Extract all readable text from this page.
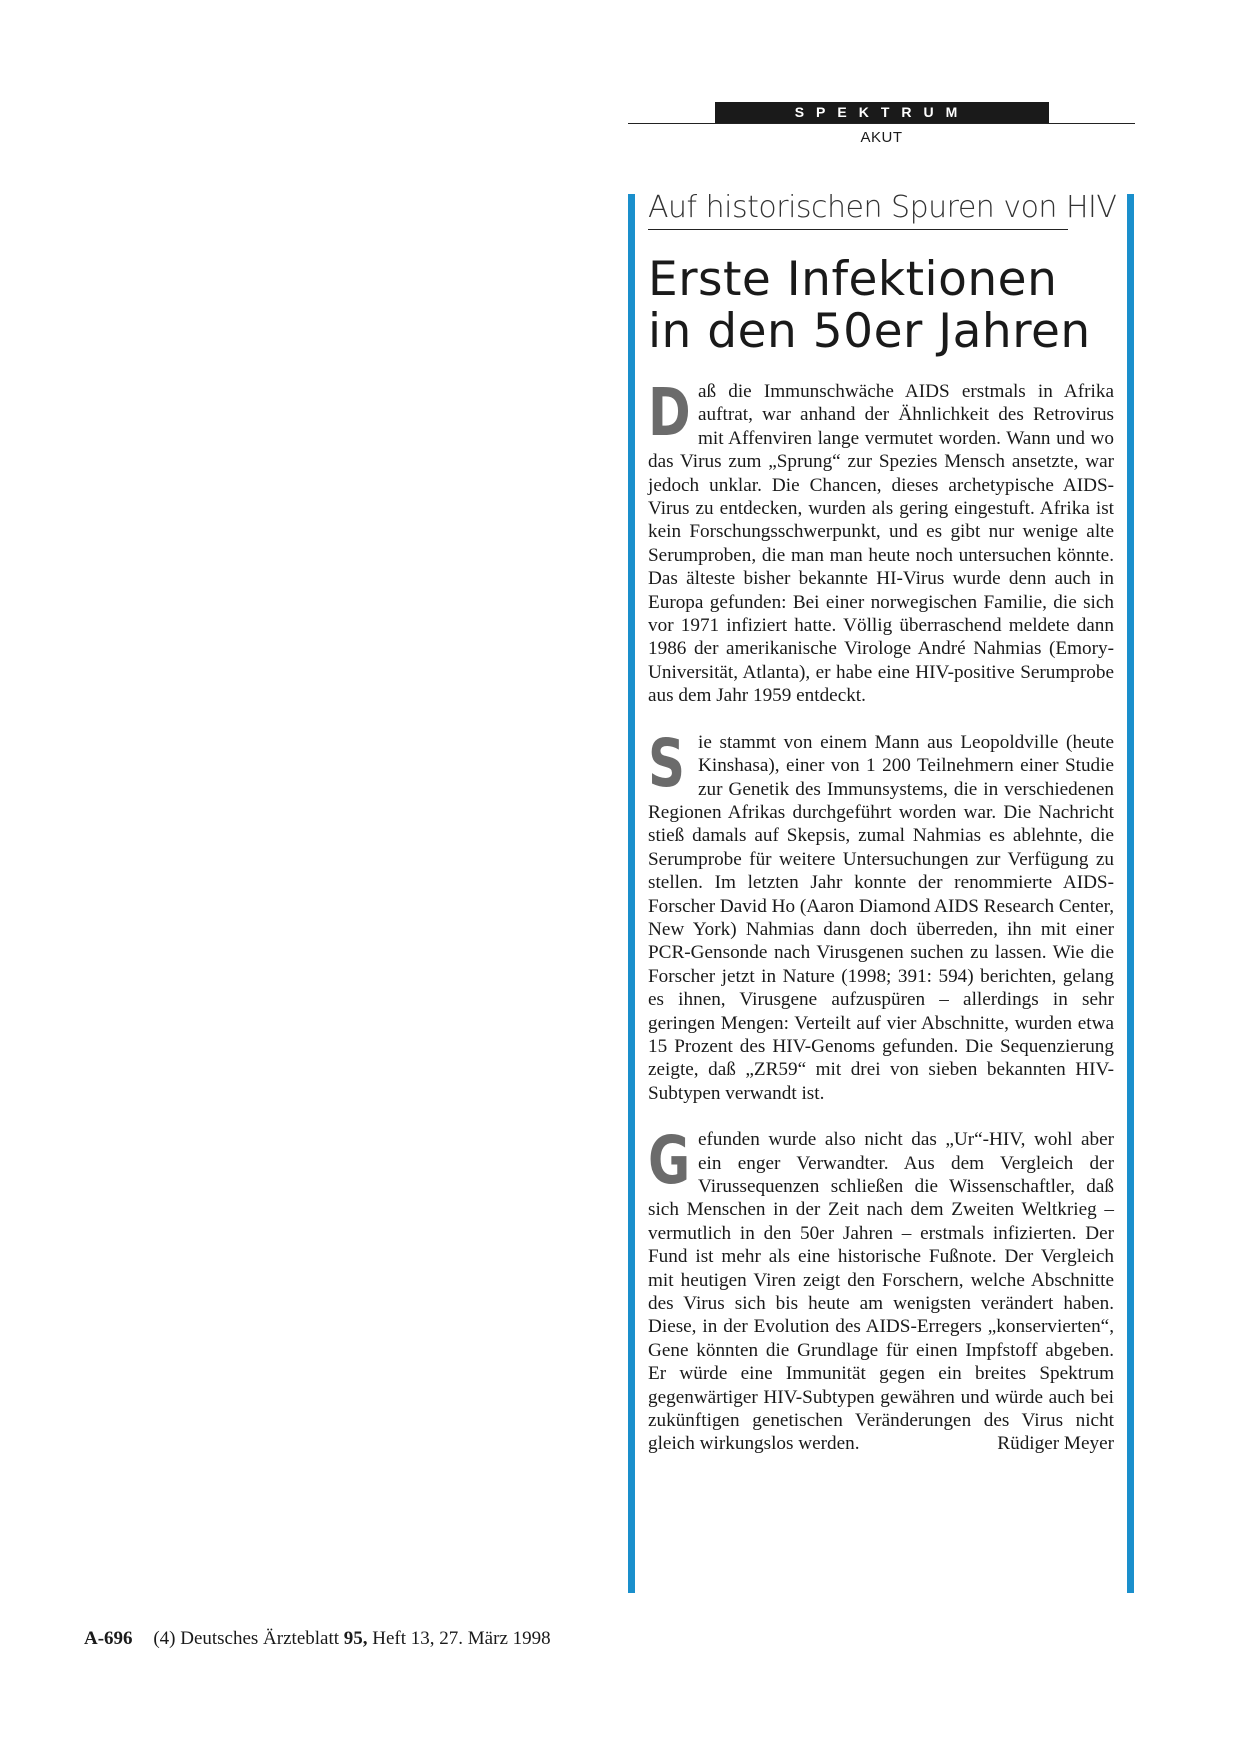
SPEKTRUM
AKUT
Auf historischen Spuren von HIV
Erste Infektionen
in den 50er Jahren

Daß die Immunschwäche AIDS erstmals in Afrika auftrat, war anhand der Ähnlichkeit des Retrovirus mit Affenviren lange vermutet worden. Wann und wo das Virus zum „Sprung“ zur Spezies Mensch ansetzte, war jedoch unklar. Die Chancen, dieses archetypische AIDS-Virus zu entdecken, wurden als gering eingestuft. Afrika ist kein Forschungsschwerpunkt, und es gibt nur wenige alte Serumproben, die man man heute noch untersuchen könnte. Das älteste bisher bekannte HI-Virus wurde denn auch in Europa gefunden: Bei einer norwegischen Familie, die sich vor 1971 infiziert hatte. Völlig überraschend meldete dann 1986 der amerikanische Virologe André Nahmias (Emory-Universität, Atlanta), er habe eine HIV-positive Serumprobe aus dem Jahr 1959 entdeckt.

Sie stammt von einem Mann aus Leopoldville (heute Kinshasa), einer von 1 200 Teilnehmern einer Studie zur Genetik des Immunsystems, die in verschiedenen Regionen Afrikas durchgeführt worden war. Die Nachricht stieß damals auf Skepsis, zumal Nahmias es ablehnte, die Serumprobe für weitere Untersuchungen zur Verfügung zu stellen. Im letzten Jahr konnte der renommierte AIDS-Forscher David Ho (Aaron Diamond AIDS Research Center, New York) Nahmias dann doch überreden, ihn mit einer PCR-Gensonde nach Virusgenen suchen zu lassen. Wie die Forscher jetzt in Nature (1998; 391: 594) berichten, gelang es ihnen, Virusgene aufzuspüren – allerdings in sehr geringen Mengen: Verteilt auf vier Abschnitte, wurden etwa 15 Prozent des HIV-Genoms gefunden. Die Sequenzierung zeigte, daß „ZR59“ mit drei von sieben bekannten HIV-Subtypen verwandt ist.

Gefunden wurde also nicht das „Ur“-HIV, wohl aber ein enger Verwandter. Aus dem Vergleich der Virussequenzen schließen die Wissenschaftler, daß sich Menschen in der Zeit nach dem Zweiten Weltkrieg – vermutlich in den 50er Jahren – erstmals infizierten. Der Fund ist mehr als eine historische Fußnote. Der Vergleich mit heutigen Viren zeigt den Forschern, welche Abschnitte des Virus sich bis heute am wenigsten verändert haben. Diese, in der Evolution des AIDS-Erregers „konservierten“, Gene könnten die Grundlage für einen Impfstoff abgeben. Er würde eine Immunität gegen ein breites Spektrum gegenwärtiger HIV-Subtypen gewähren und würde auch bei zukünftigen genetischen Veränderungen des Virus nicht gleich wirkungslos werden.	Rüdiger Meyer

A-696 (4) Deutsches Ärzteblatt 95, Heft 13, 27. März 1998
